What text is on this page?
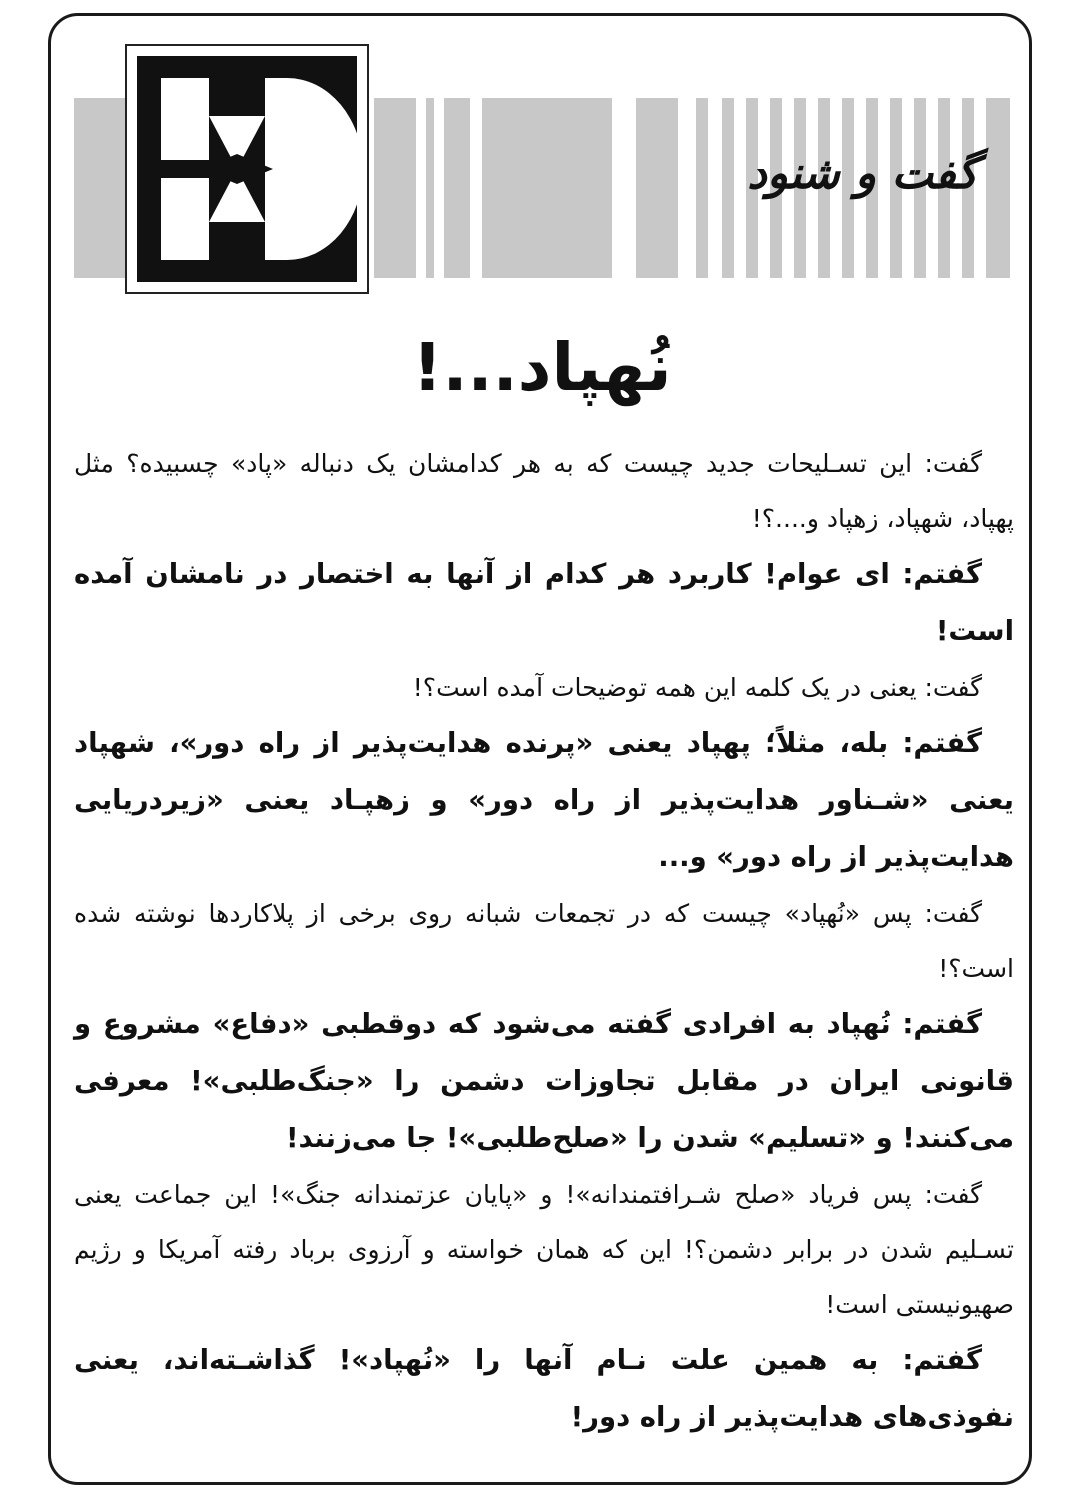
گفت و شنود
نُهپاد...!

گفت: این تسـلیحات جدید چیست که به هر کدامشان یک دنباله «پاد» چسبیده؟ مثل پهپاد، شهپاد، زهپاد و....؟!

گفتم: ای عوام! کاربرد هر کدام از آنها به اختصار در نامشان آمده است!

گفت: یعنی در یک کلمه این همه توضیحات آمده است؟!

گفتم: بله، مثلاً؛ پهپاد یعنی «پرنده هدایت‌پذیر از راه دور»، شهپاد یعنی «شـناور هدایت‌پذیر از راه دور» و زهپـاد یعنی «زیردریایی هدایت‌پذیر از راه دور» و...

گفت: پس «نُهپاد» چیست که در تجمعات شبانه روی برخی از پلاکاردها نوشته شده است؟!

گفتم: نُهپاد به افرادی گفته می‌شود که دوقطبی «دفاع» مشروع و قانونی ایران در مقابل تجاوزات دشمن را «جنگ‌طلبی»! معرفی می‌کنند! و «تسلیم» شدن را «صلح‌طلبی»! جا می‌زنند!

گفت: پس فریاد «صلح شـرافتمندانه»! و «پایان عزتمندانه جنگ»! این جماعت یعنی تسـلیم شدن در برابر دشمن؟! این که همان خواسته و آرزوی برباد رفته آمریکا و رژیم صهیونیستی است!

گفتم: به همین علت نـام آنها را «نُهپاد»! گذاشـته‌اند، یعنی نفوذی‌های هدایت‌پذیر از راه دور!
